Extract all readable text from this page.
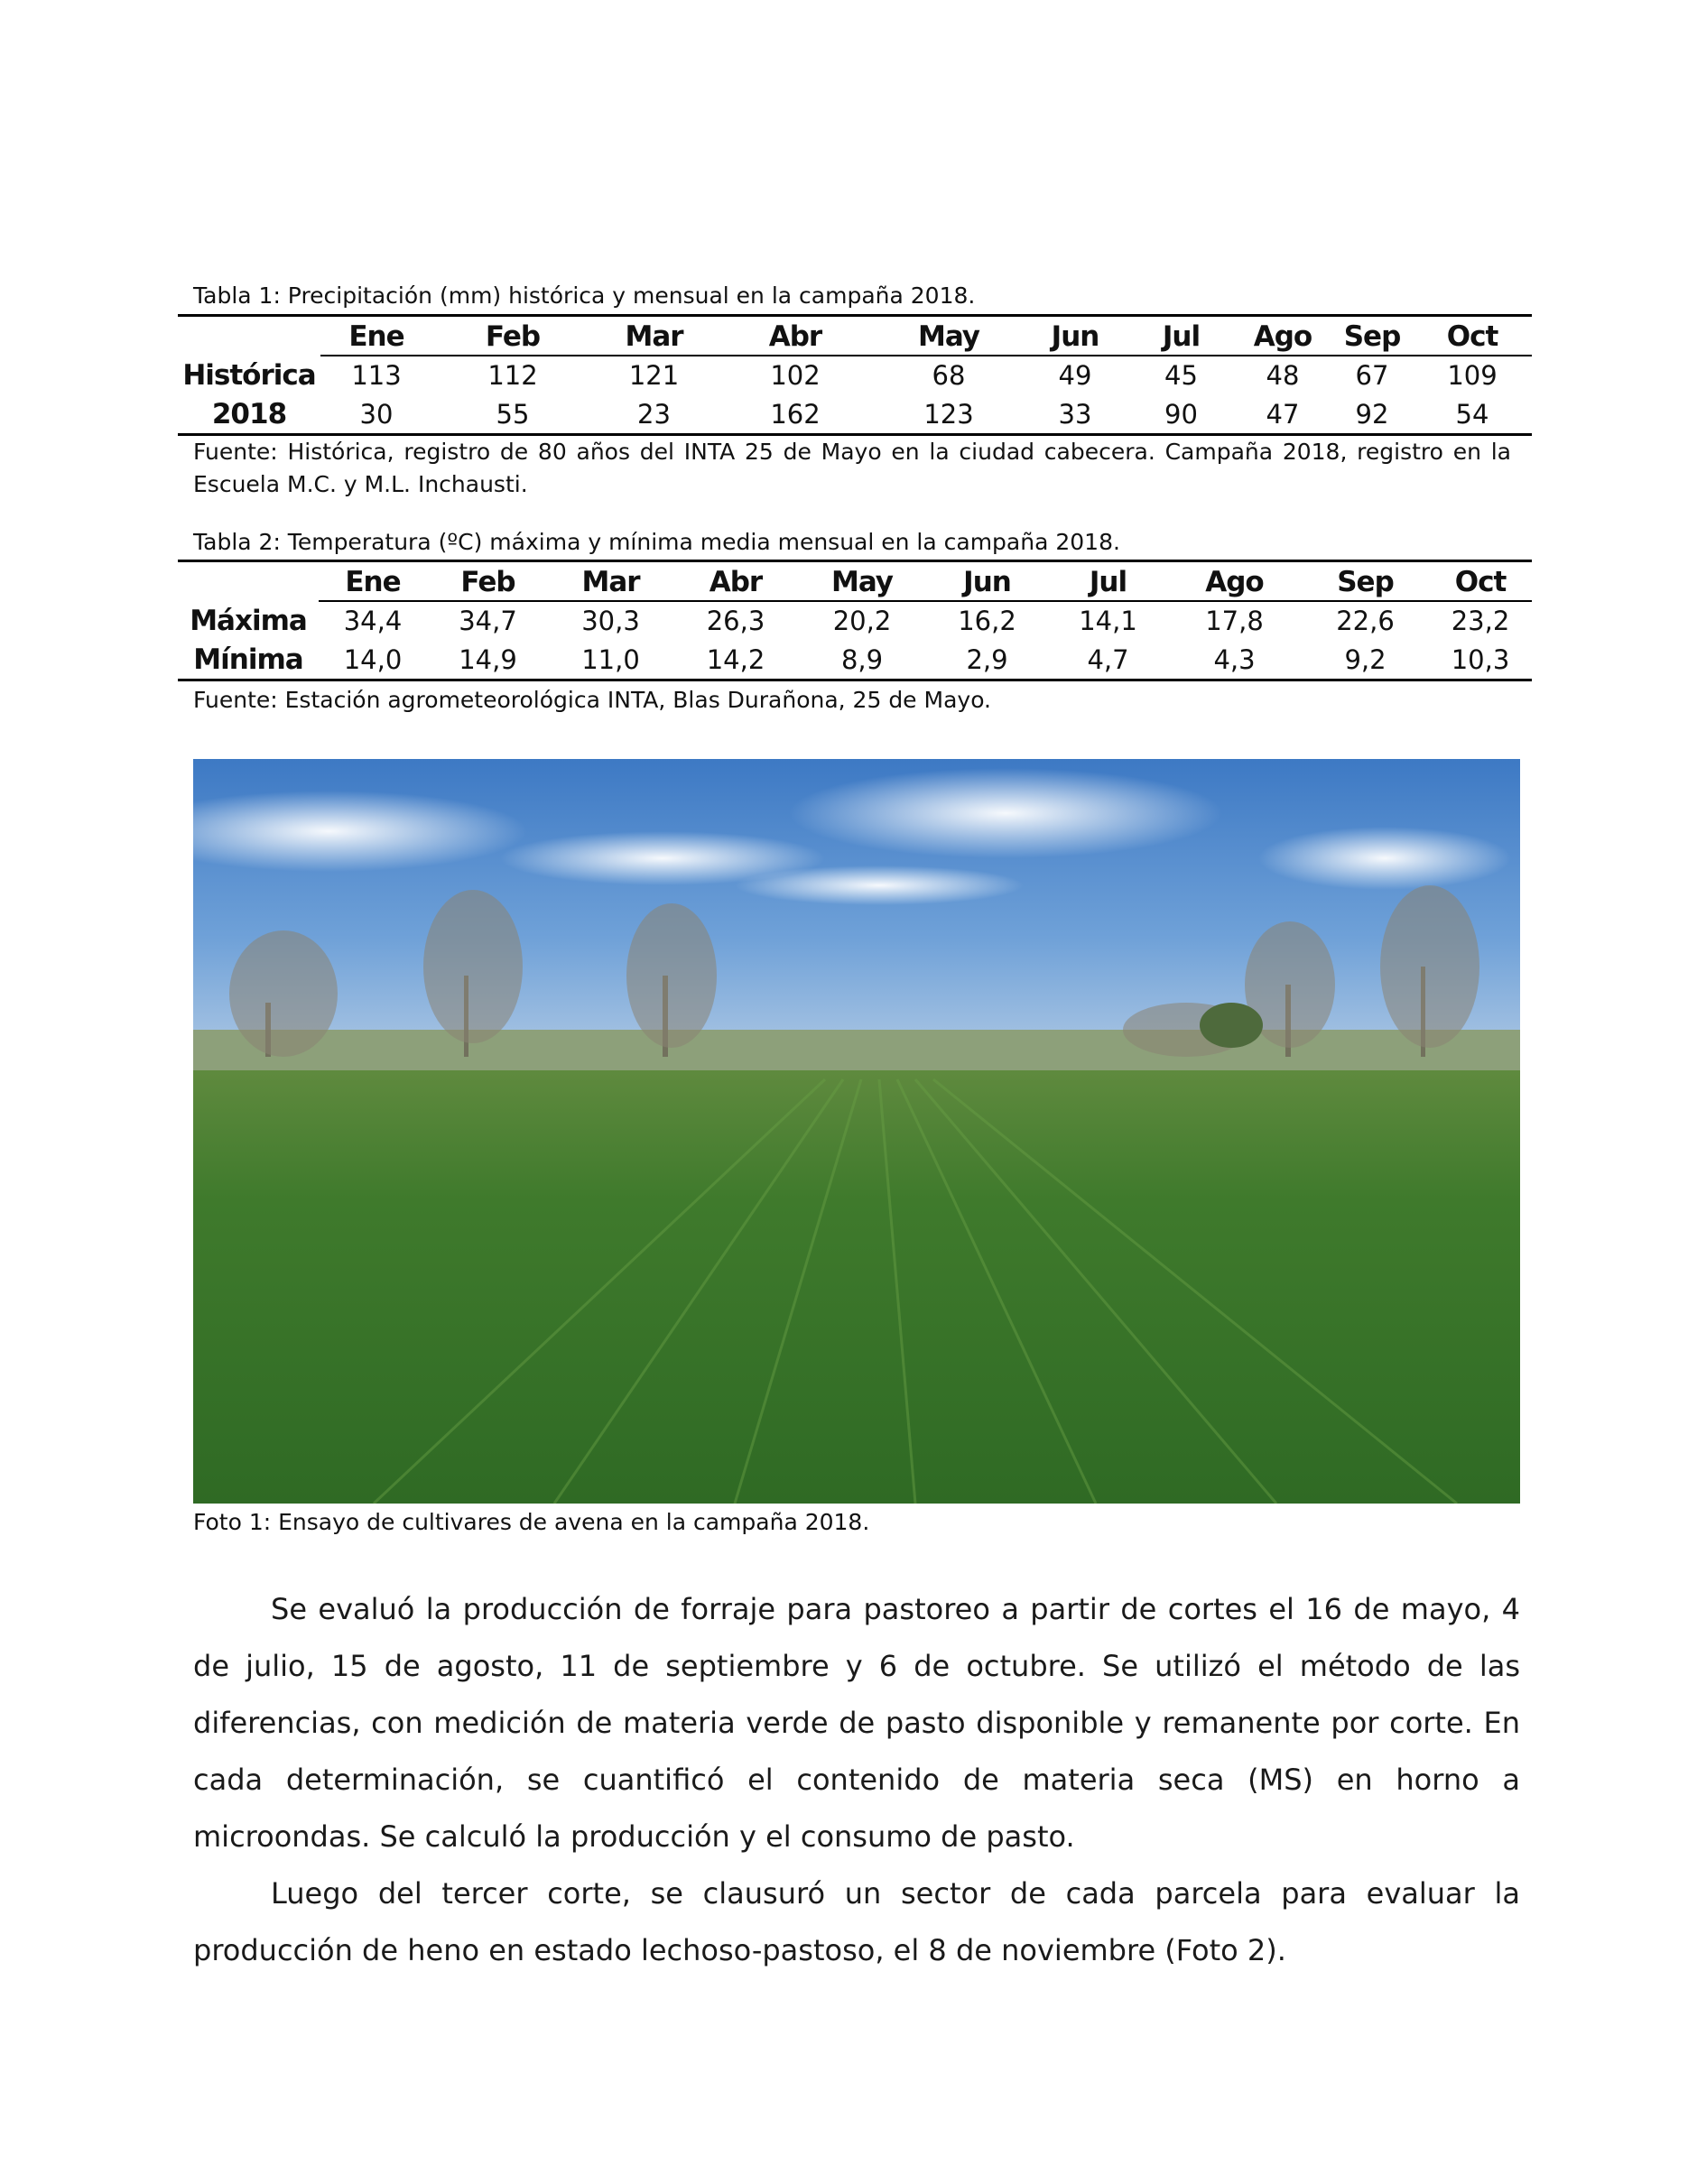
Tabla 1: Precipitación (mm) histórica y mensual en la campaña 2018.
	Ene	Feb	Mar	Abr	May	Jun	Jul	Ago	Sep	Oct
Histórica	113	112	121	102	68	49	45	48	67	109
2018	30	55	23	162	123	33	90	47	92	54
Fuente: Histórica, registro de 80 años del INTA 25 de Mayo en la ciudad cabecera. Campaña 2018, registro en la Escuela M.C. y M.L. Inchausti.
Tabla 2: Temperatura (ºC) máxima y mínima media mensual en la campaña 2018.
	Ene	Feb	Mar	Abr	May	Jun	Jul	Ago	Sep	Oct
Máxima	34,4	34,7	30,3	26,3	20,2	16,2	14,1	17,8	22,6	23,2
Mínima	14,0	14,9	11,0	14,2	8,9	2,9	4,7	4,3	9,2	10,3
Fuente: Estación agrometeorológica INTA, Blas Durañona, 25 de Mayo.
Foto 1: Ensayo de cultivares de avena en la campaña 2018.

Se evaluó la producción de forraje para pastoreo a partir de cortes el 16 de mayo, 4 de julio, 15 de agosto, 11 de septiembre y 6 de octubre. Se utilizó el método de las diferencias, con medición de materia verde de pasto disponible y remanente por corte. En cada determinación, se cuantificó el contenido de materia seca (MS) en horno a microondas. Se calculó la producción y el consumo de pasto.

Luego del tercer corte, se clausuró un sector de cada parcela para evaluar la producción de heno en estado lechoso-pastoso, el 8 de noviembre (Foto 2).
